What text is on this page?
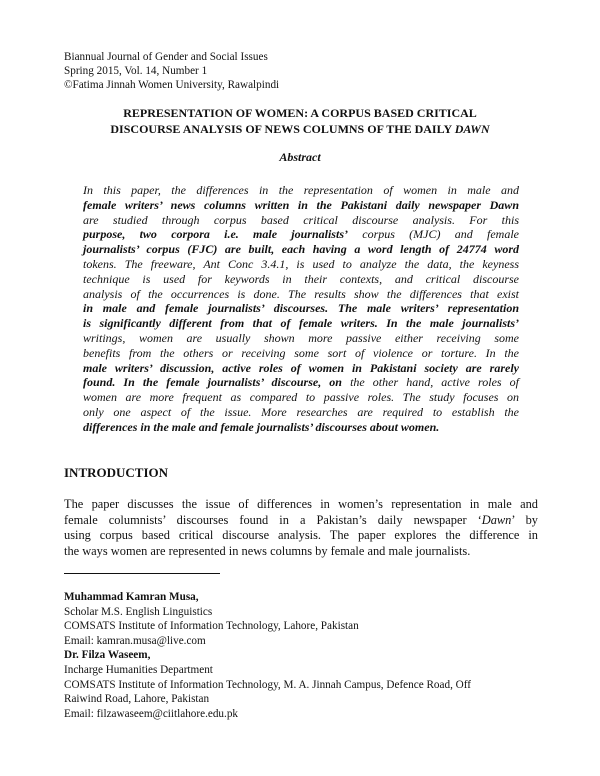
Biannual Journal of Gender and Social Issues
Spring 2015, Vol. 14, Number 1
©Fatima Jinnah Women University, Rawalpindi
REPRESENTATION OF WOMEN: A CORPUS BASED CRITICAL
DISCOURSE ANALYSIS OF NEWS COLUMNS OF THE DAILY DAWN
Abstract
In this paper, the differences in the representation of women in male and
female writers’ news columns written in the Pakistani daily newspaper Dawn
are studied through corpus based critical discourse analysis. For this
purpose, two corpora i.e. male journalists’ corpus (MJC) and female
journalists’ corpus (FJC) are built, each having a word length of 24774 word
tokens. The freeware, Ant Conc 3.4.1, is used to analyze the data, the keyness
technique is used for keywords in their contexts, and critical discourse
analysis of the occurrences is done. The results show the differences that exist
in male and female journalists’ discourses. The male writers’ representation
is significantly different from that of female writers. In the male journalists’
writings, women are usually shown more passive either receiving some
benefits from the others or receiving some sort of violence or torture. In the
male writers’ discussion, active roles of women in Pakistani society are rarely
found. In the female journalists’ discourse, on the other hand, active roles of
women are more frequent as compared to passive roles. The study focuses on
only one aspect of the issue. More researches are required to establish the
differences in the male and female journalists’ discourses about women.
INTRODUCTION
The paper discusses the issue of differences in women’s representation in male and
female columnists’ discourses found in a Pakistan’s daily newspaper ‘Dawn’ by
using corpus based critical discourse analysis. The paper explores the difference in
the ways women are represented in news columns by female and male journalists.
Muhammad Kamran Musa,
Scholar M.S. English Linguistics
COMSATS Institute of Information Technology, Lahore, Pakistan
Email: kamran.musa@live.com
Dr. Filza Waseem,
Incharge Humanities Department
COMSATS Institute of Information Technology, M. A. Jinnah Campus, Defence Road, Off
Raiwind Road, Lahore, Pakistan
Email: filzawaseem@ciitlahore.edu.pk
